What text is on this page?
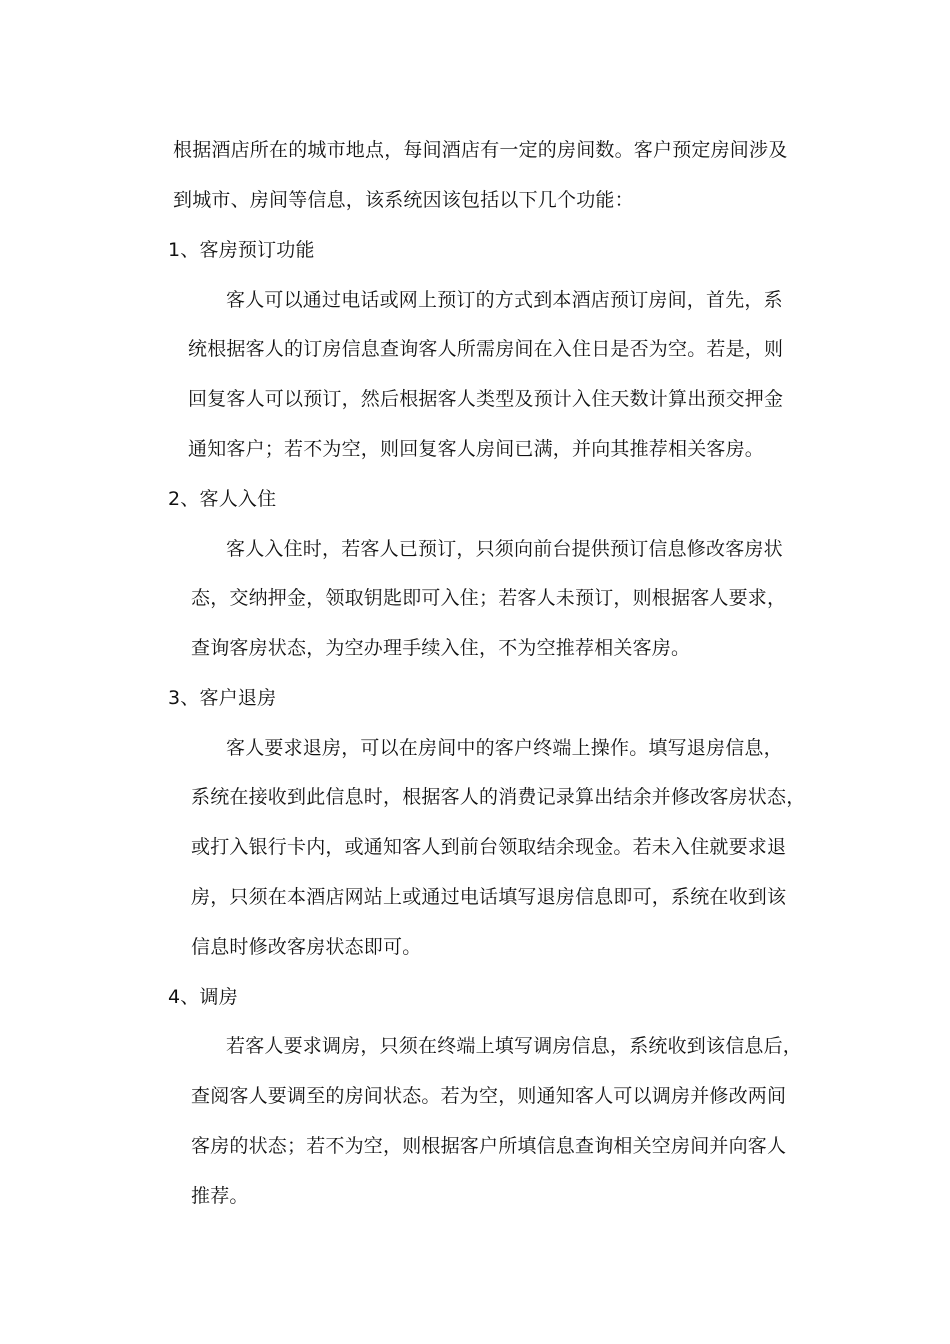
根据酒店所在的城市地点，每间酒店有一定的房间数。客户预定房间涉及
到城市、房间等信息，该系统因该包括以下几个功能：
1、客房预订功能
客人可以通过电话或网上预订的方式到本酒店预订房间，首先，系
统根据客人的订房信息查询客人所需房间在入住日是否为空。若是，则
回复客人可以预订，然后根据客人类型及预计入住天数计算出预交押金
通知客户；若不为空，则回复客人房间已满，并向其推荐相关客房。
2、客人入住
客人入住时，若客人已预订，只须向前台提供预订信息修改客房状
态，交纳押金，领取钥匙即可入住；若客人未预订，则根据客人要求，
查询客房状态，为空办理手续入住，不为空推荐相关客房。
3、客户退房
客人要求退房，可以在房间中的客户终端上操作。填写退房信息，
系统在接收到此信息时，根据客人的消费记录算出结余并修改客房状态，
或打入银行卡内，或通知客人到前台领取结余现金。若未入住就要求退
房，只须在本酒店网站上或通过电话填写退房信息即可，系统在收到该
信息时修改客房状态即可。
4、调房
若客人要求调房，只须在终端上填写调房信息，系统收到该信息后，
查阅客人要调至的房间状态。若为空，则通知客人可以调房并修改两间
客房的状态；若不为空，则根据客户所填信息查询相关空房间并向客人
推荐。
